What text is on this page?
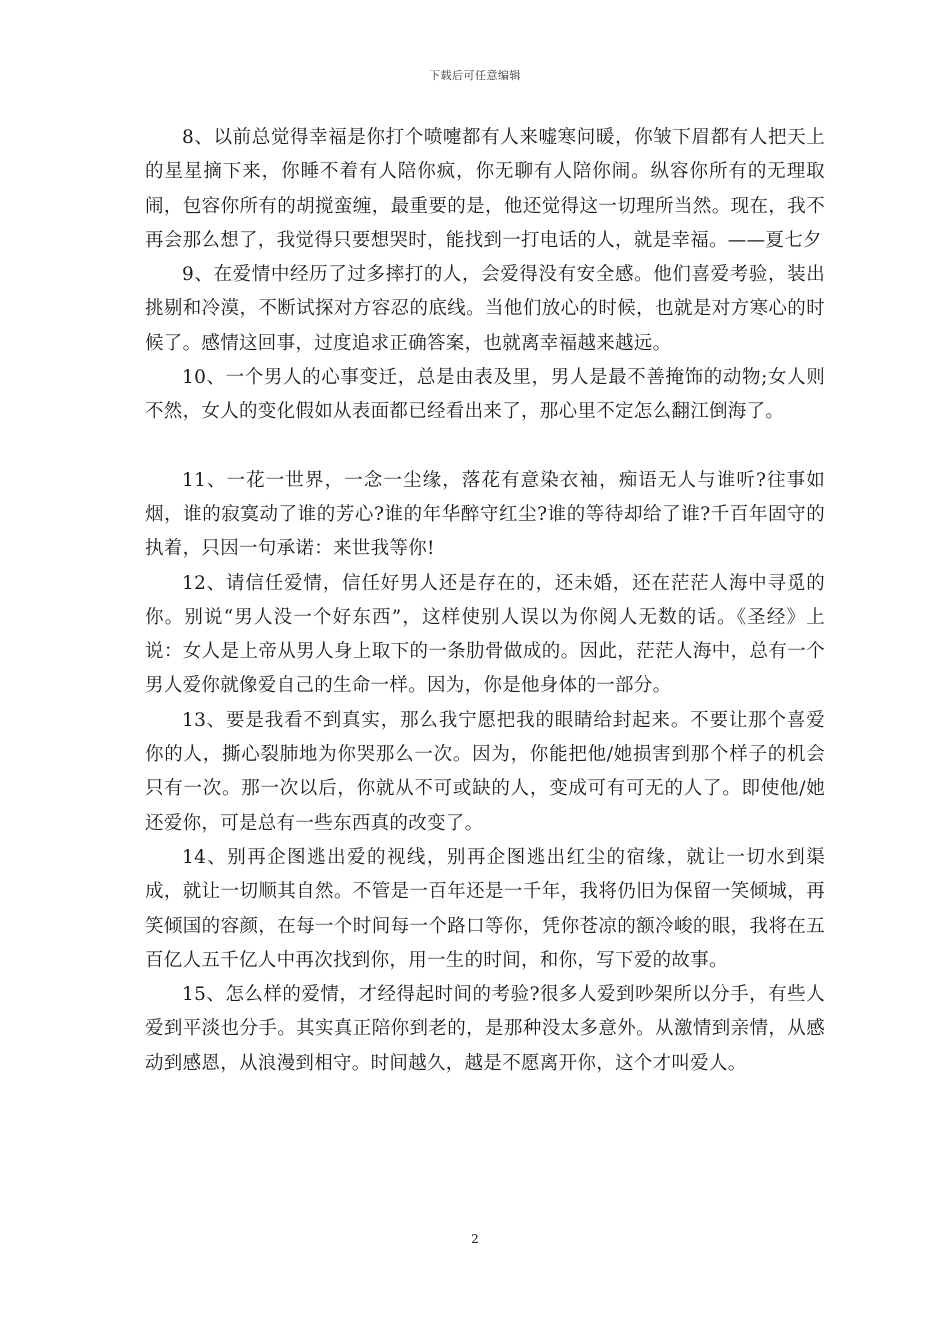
下载后可任意编辑

8、以前总觉得幸福是你打个喷嚏都有人来嘘寒问暖，你皱下眉都有人把天上的星星摘下来，你睡不着有人陪你疯，你无聊有人陪你闹。纵容你所有的无理取闹，包容你所有的胡搅蛮缠，最重要的是，他还觉得这一切理所当然。现在，我不再会那么想了，我觉得只要想哭时，能找到一打电话的人，就是幸福。——夏七夕

9、在爱情中经历了过多摔打的人，会爱得没有安全感。他们喜爱考验，装出挑剔和冷漠，不断试探对方容忍的底线。当他们放心的时候，也就是对方寒心的时候了。感情这回事，过度追求正确答案，也就离幸福越来越远。

10、一个男人的心事变迁，总是由表及里，男人是最不善掩饰的动物;女人则不然，女人的变化假如从表面都已经看出来了，那心里不定怎么翻江倒海了。

11、一花一世界，一念一尘缘，落花有意染衣袖，痴语无人与谁听?往事如烟，谁的寂寞动了谁的芳心?谁的年华醉守红尘?谁的等待却给了谁?千百年固守的执着，只因一句承诺：来世我等你!

12、请信任爱情，信任好男人还是存在的，还未婚，还在茫茫人海中寻觅的你。别说“男人没一个好东西”，这样使别人误以为你阅人无数的话。《圣经》上说：女人是上帝从男人身上取下的一条肋骨做成的。因此，茫茫人海中，总有一个男人爱你就像爱自己的生命一样。因为，你是他身体的一部分。

13、要是我看不到真实，那么我宁愿把我的眼睛给封起来。不要让那个喜爱你的人，撕心裂肺地为你哭那么一次。因为，你能把他/她损害到那个样子的机会只有一次。那一次以后，你就从不可或缺的人，变成可有可无的人了。即使他/她还爱你，可是总有一些东西真的改变了。

14、别再企图逃出爱的视线，别再企图逃出红尘的宿缘，就让一切水到渠成，就让一切顺其自然。不管是一百年还是一千年，我将仍旧为保留一笑倾城，再笑倾国的容颜，在每一个时间每一个路口等你，凭你苍凉的额冷峻的眼，我将在五百亿人五千亿人中再次找到你，用一生的时间，和你，写下爱的故事。

15、怎么样的爱情，才经得起时间的考验?很多人爱到吵架所以分手，有些人爱到平淡也分手。其实真正陪你到老的，是那种没太多意外。从激情到亲情，从感动到感恩，从浪漫到相守。时间越久，越是不愿离开你，这个才叫爱人。

2
